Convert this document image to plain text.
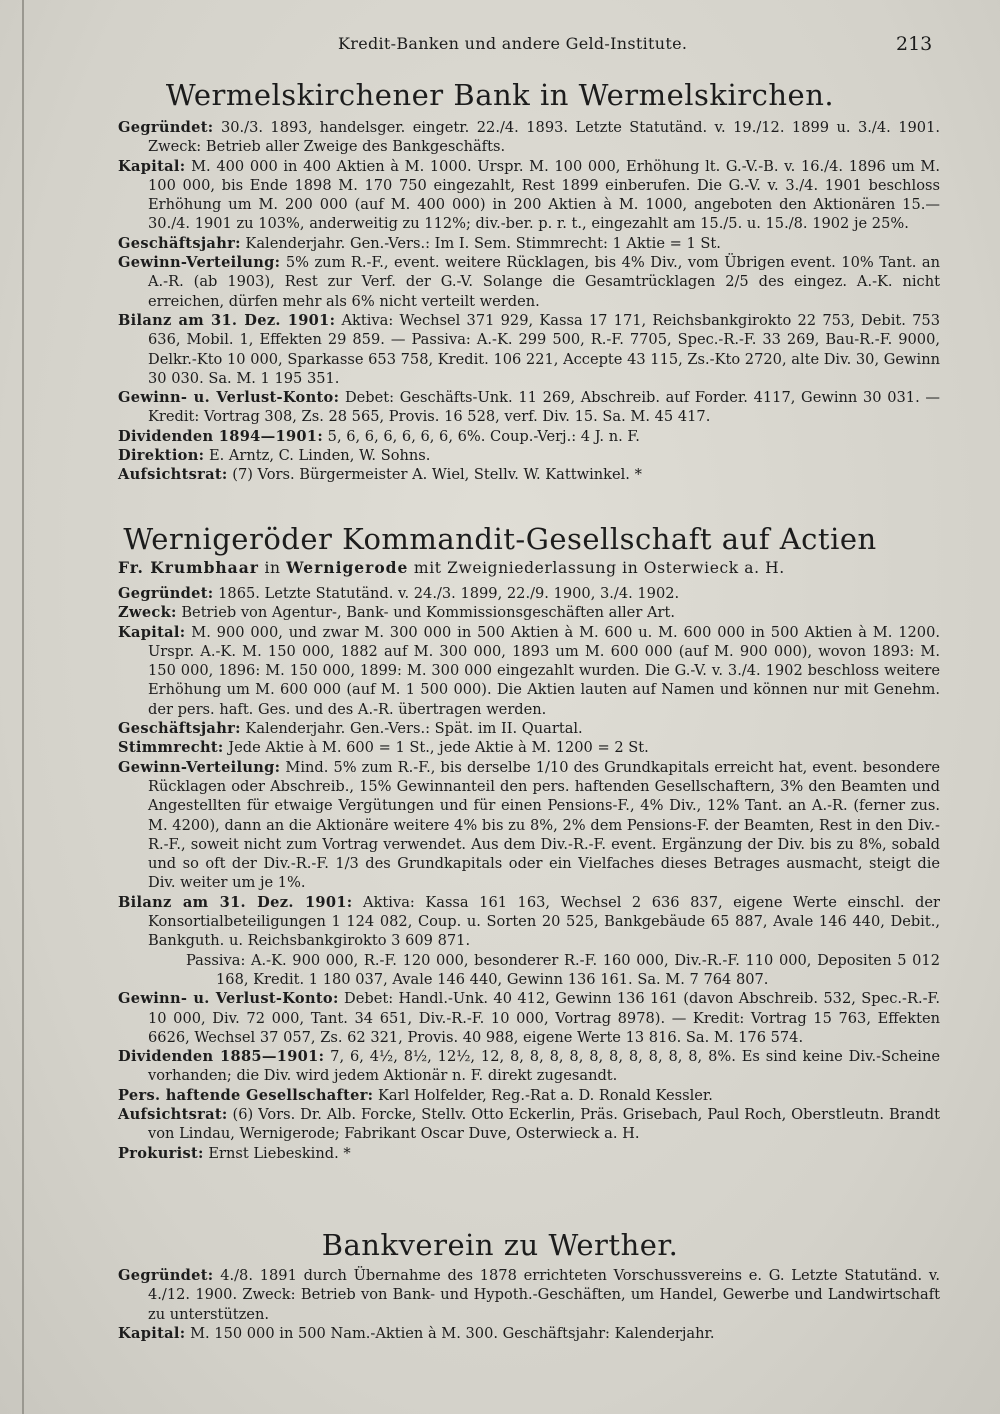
Kredit-Banken und andere Geld-Institute.	213
Wermelskirchener Bank in Wermelskirchen.

Gegründet: 30./3. 1893, handelsger. eingetr. 22./4. 1893. Letzte Statutänd. v. 19./12. 1899 u. 3./4. 1901. Zweck: Betrieb aller Zweige des Bankgeschäfts.

Kapital: M. 400 000 in 400 Aktien à M. 1000. Urspr. M. 100 000, Erhöhung lt. G.-V.-B. v. 16./4. 1896 um M. 100 000, bis Ende 1898 M. 170 750 eingezahlt, Rest 1899 einberufen. Die G.-V. v. 3./4. 1901 beschloss Erhöhung um M. 200 000 (auf M. 400 000) in 200 Aktien à M. 1000, angeboten den Aktionären 15.—30./4. 1901 zu 103%, anderweitig zu 112%; div.-ber. p. r. t., eingezahlt am 15./5. u. 15./8. 1902 je 25%.

Geschäftsjahr: Kalenderjahr. Gen.-Vers.: Im I. Sem. Stimmrecht: 1 Aktie = 1 St.

Gewinn-Verteilung: 5% zum R.-F., event. weitere Rücklagen, bis 4% Div., vom Übrigen event. 10% Tant. an A.-R. (ab 1903), Rest zur Verf. der G.-V. Solange die Gesamtrücklagen 2/5 des eingez. A.-K. nicht erreichen, dürfen mehr als 6% nicht verteilt werden.

Bilanz am 31. Dez. 1901: Aktiva: Wechsel 371 929, Kassa 17 171, Reichsbankgirokto 22 753, Debit. 753 636, Mobil. 1, Effekten 29 859. — Passiva: A.-K. 299 500, R.-F. 7705, Spec.-R.-F. 33 269, Bau-R.-F. 9000, Delkr.-Kto 10 000, Sparkasse 653 758, Kredit. 106 221, Accepte 43 115, Zs.-Kto 2720, alte Div. 30, Gewinn 30 030. Sa. M. 1 195 351.

Gewinn- u. Verlust-Konto: Debet: Geschäfts-Unk. 11 269, Abschreib. auf Forder. 4117, Gewinn 30 031. — Kredit: Vortrag 308, Zs. 28 565, Provis. 16 528, verf. Div. 15. Sa. M. 45 417.

Dividenden 1894—1901: 5, 6, 6, 6, 6, 6, 6, 6%. Coup.-Verj.: 4 J. n. F.

Direktion: E. Arntz, C. Linden, W. Sohns.

Aufsichtsrat: (7) Vors. Bürgermeister A. Wiel, Stellv. W. Kattwinkel. *

Wernigeröder Kommandit-Gesellschaft auf Actien
Fr. Krumbhaar in Wernigerode mit Zweigniederlassung in Osterwieck a. H.

Gegründet: 1865. Letzte Statutänd. v. 24./3. 1899, 22./9. 1900, 3./4. 1902.

Zweck: Betrieb von Agentur-, Bank- und Kommissionsgeschäften aller Art.

Kapital: M. 900 000, und zwar M. 300 000 in 500 Aktien à M. 600 u. M. 600 000 in 500 Aktien à M. 1200. Urspr. A.-K. M. 150 000, 1882 auf M. 300 000, 1893 um M. 600 000 (auf M. 900 000), wovon 1893: M. 150 000, 1896: M. 150 000, 1899: M. 300 000 eingezahlt wurden. Die G.-V. v. 3./4. 1902 beschloss weitere Erhöhung um M. 600 000 (auf M. 1 500 000). Die Aktien lauten auf Namen und können nur mit Genehm. der pers. haft. Ges. und des A.-R. übertragen werden.

Geschäftsjahr: Kalenderjahr. Gen.-Vers.: Spät. im II. Quartal.

Stimmrecht: Jede Aktie à M. 600 = 1 St., jede Aktie à M. 1200 = 2 St.

Gewinn-Verteilung: Mind. 5% zum R.-F., bis derselbe 1/10 des Grundkapitals erreicht hat, event. besondere Rücklagen oder Abschreib., 15% Gewinnanteil den pers. haftenden Gesellschaftern, 3% den Beamten und Angestellten für etwaige Vergütungen und für einen Pensions-F., 4% Div., 12% Tant. an A.-R. (ferner zus. M. 4200), dann an die Aktionäre weitere 4% bis zu 8%, 2% dem Pensions-F. der Beamten, Rest in den Div.-R.-F., soweit nicht zum Vortrag verwendet. Aus dem Div.-R.-F. event. Ergänzung der Div. bis zu 8%, sobald und so oft der Div.-R.-F. 1/3 des Grundkapitals oder ein Vielfaches dieses Betrages ausmacht, steigt die Div. weiter um je 1%.

Bilanz am 31. Dez. 1901: Aktiva: Kassa 161 163, Wechsel 2 636 837, eigene Werte einschl. der Konsortialbeteiligungen 1 124 082, Coup. u. Sorten 20 525, Bankgebäude 65 887, Avale 146 440, Debit., Bankguth. u. Reichsbankgirokto 3 609 871.

Passiva: A.-K. 900 000, R.-F. 120 000, besonderer R.-F. 160 000, Div.-R.-F. 110 000, Depositen 5 012 168, Kredit. 1 180 037, Avale 146 440, Gewinn 136 161. Sa. M. 7 764 807.

Gewinn- u. Verlust-Konto: Debet: Handl.-Unk. 40 412, Gewinn 136 161 (davon Abschreib. 532, Spec.-R.-F. 10 000, Div. 72 000, Tant. 34 651, Div.-R.-F. 10 000, Vortrag 8978). — Kredit: Vortrag 15 763, Effekten 6626, Wechsel 37 057, Zs. 62 321, Provis. 40 988, eigene Werte 13 816. Sa. M. 176 574.

Dividenden 1885—1901: 7, 6, 4½, 8½, 12½, 12, 8, 8, 8, 8, 8, 8, 8, 8, 8, 8, 8%. Es sind keine Div.-Scheine vorhanden; die Div. wird jedem Aktionär n. F. direkt zugesandt.

Pers. haftende Gesellschafter: Karl Holfelder, Reg.-Rat a. D. Ronald Kessler.

Aufsichtsrat: (6) Vors. Dr. Alb. Forcke, Stellv. Otto Eckerlin, Präs. Grisebach, Paul Roch, Oberstleutn. Brandt von Lindau, Wernigerode; Fabrikant Oscar Duve, Osterwieck a. H.

Prokurist: Ernst Liebeskind. *

Bankverein zu Werther.

Gegründet: 4./8. 1891 durch Übernahme des 1878 errichteten Vorschussvereins e. G. Letzte Statutänd. v. 4./12. 1900. Zweck: Betrieb von Bank- und Hypoth.-Geschäften, um Handel, Gewerbe und Landwirtschaft zu unterstützen.

Kapital: M. 150 000 in 500 Nam.-Aktien à M. 300. Geschäftsjahr: Kalenderjahr.
